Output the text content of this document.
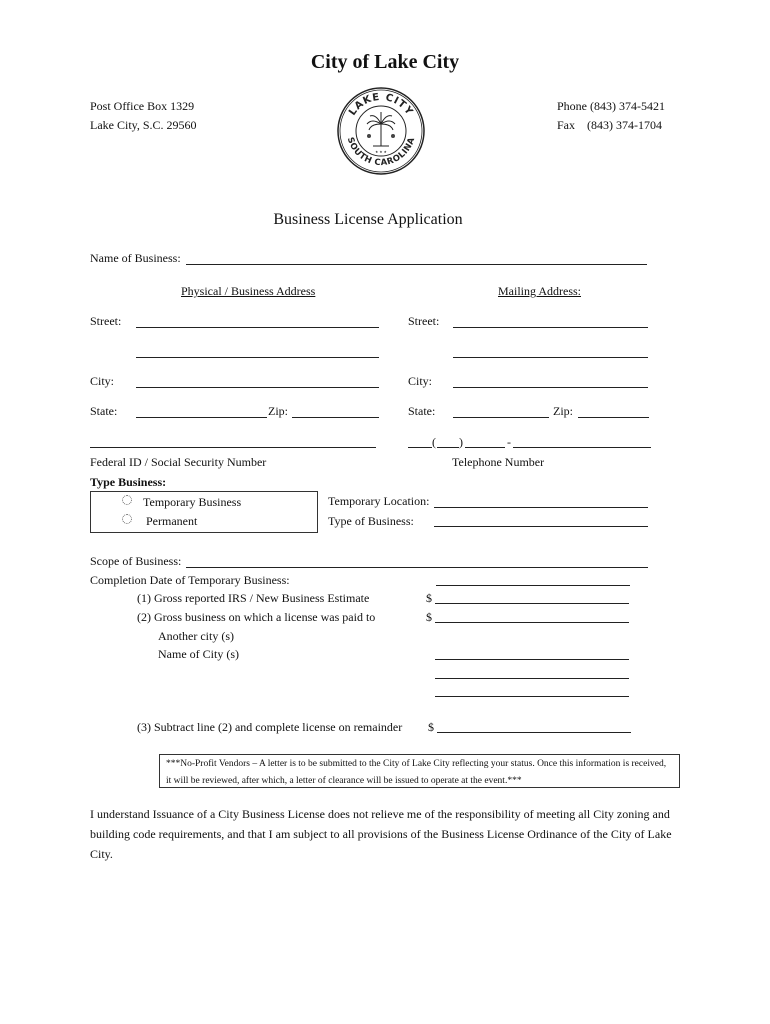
City of Lake City
Post Office Box 1329
Lake City, S.C. 29560
Phone (843) 374-5421
Fax    (843) 374-1704
LAKE CITY
SOUTH CAROLINA
★ ★ ★
Business License Application
Name of Business:
Physical / Business Address	Mailing Address:
Street:	Street:
City:	City:
State:	Zip:	State:	Zip:
( )	-
Federal ID / Social Security Number	Telephone Number
Type Business:
Temporary Business
Permanent
Temporary Location:
Type of Business:
Scope of Business:
Completion Date of Temporary Business:
(1) Gross reported IRS / New Business Estimate	$
(2) Gross business on which a license was paid to	$
Another city (s)
Name of City (s)
(3) Subtract line (2) and complete license on remainder $
***No-Profit Vendors – A letter is to be submitted to the City of Lake City reflecting your status. Once this information is received, it will be reviewed, after which, a letter of clearance will be issued to operate at the event.***
I understand Issuance of a City Business License does not relieve me of the responsibility of meeting all City zoning and building code requirements, and that I am subject to all provisions of the Business License Ordinance of the City of Lake City.
